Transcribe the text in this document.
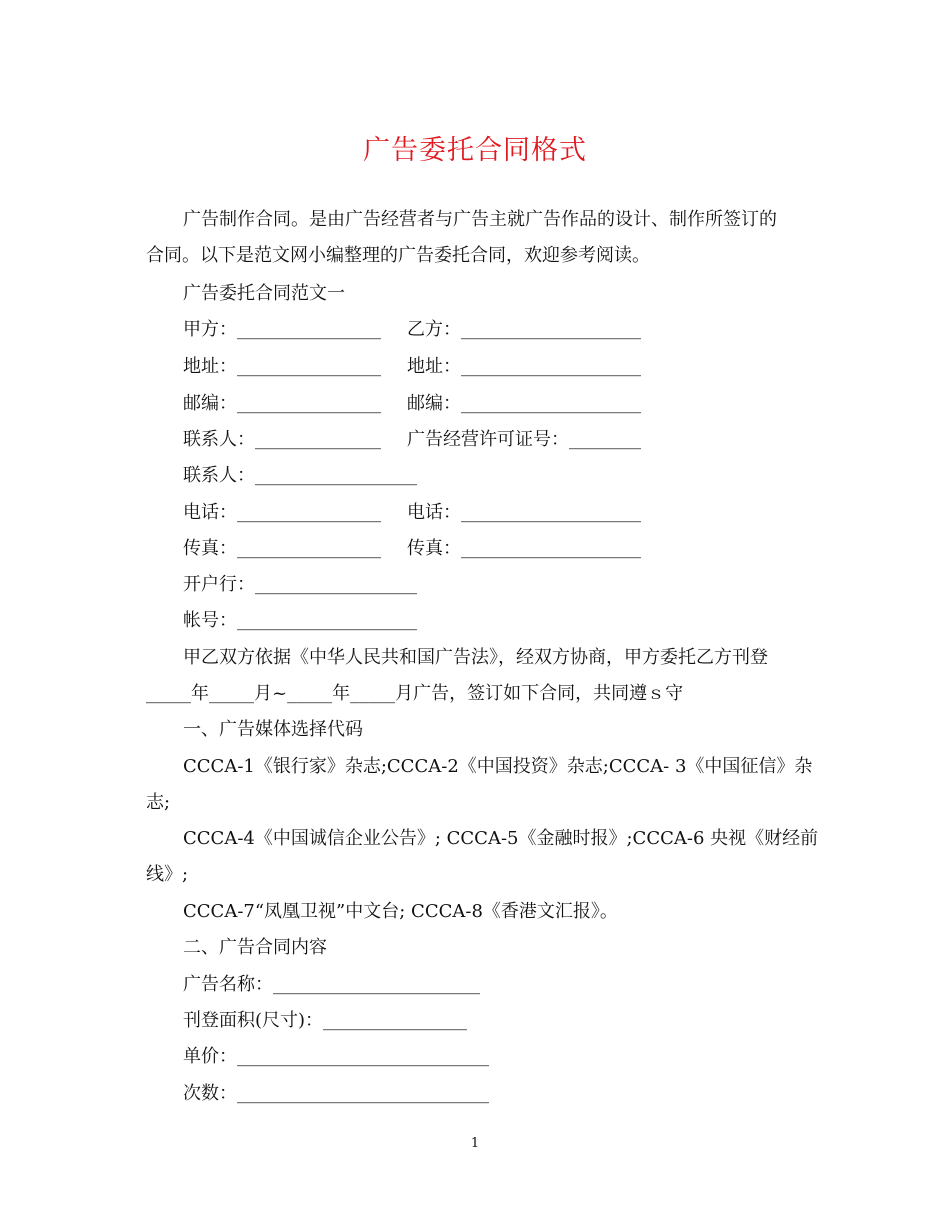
广告委托合同格式
广告制作合同。是由广告经营者与广告主就广告作品的设计、制作所签订的
合同。以下是范文网小编整理的广告委托合同，欢迎参考阅读。
广告委托合同范文一
甲方：________________ 乙方：____________________
地址：________________ 地址：____________________
邮编：________________ 邮编：____________________
联系人：______________ 广告经营许可证号：________
联系人：__________________
电话：________________ 电话：____________________
传真：________________ 传真：____________________
开户行：__________________
帐号：____________________
甲乙双方依据《中华人民共和国广告法》，经双方协商，甲方委托乙方刊登
_____年_____月~_____年_____月广告，签订如下合同，共同遵ｓ守
一、广告媒体选择代码
CCCA-1《银行家》杂志;CCCA-2《中国投资》杂志;CCCA- 3《中国征信》杂
志;
CCCA-4《中国诚信企业公告》; CCCA-5《金融时报》;CCCA-6 央视《财经前
线》;
CCCA-7“凤凰卫视”中文台; CCCA-8《香港文汇报》。
二、广告合同内容
广告名称：_______________________
刊登面积(尺寸)：________________
单价：____________________________
次数：____________________________
1
